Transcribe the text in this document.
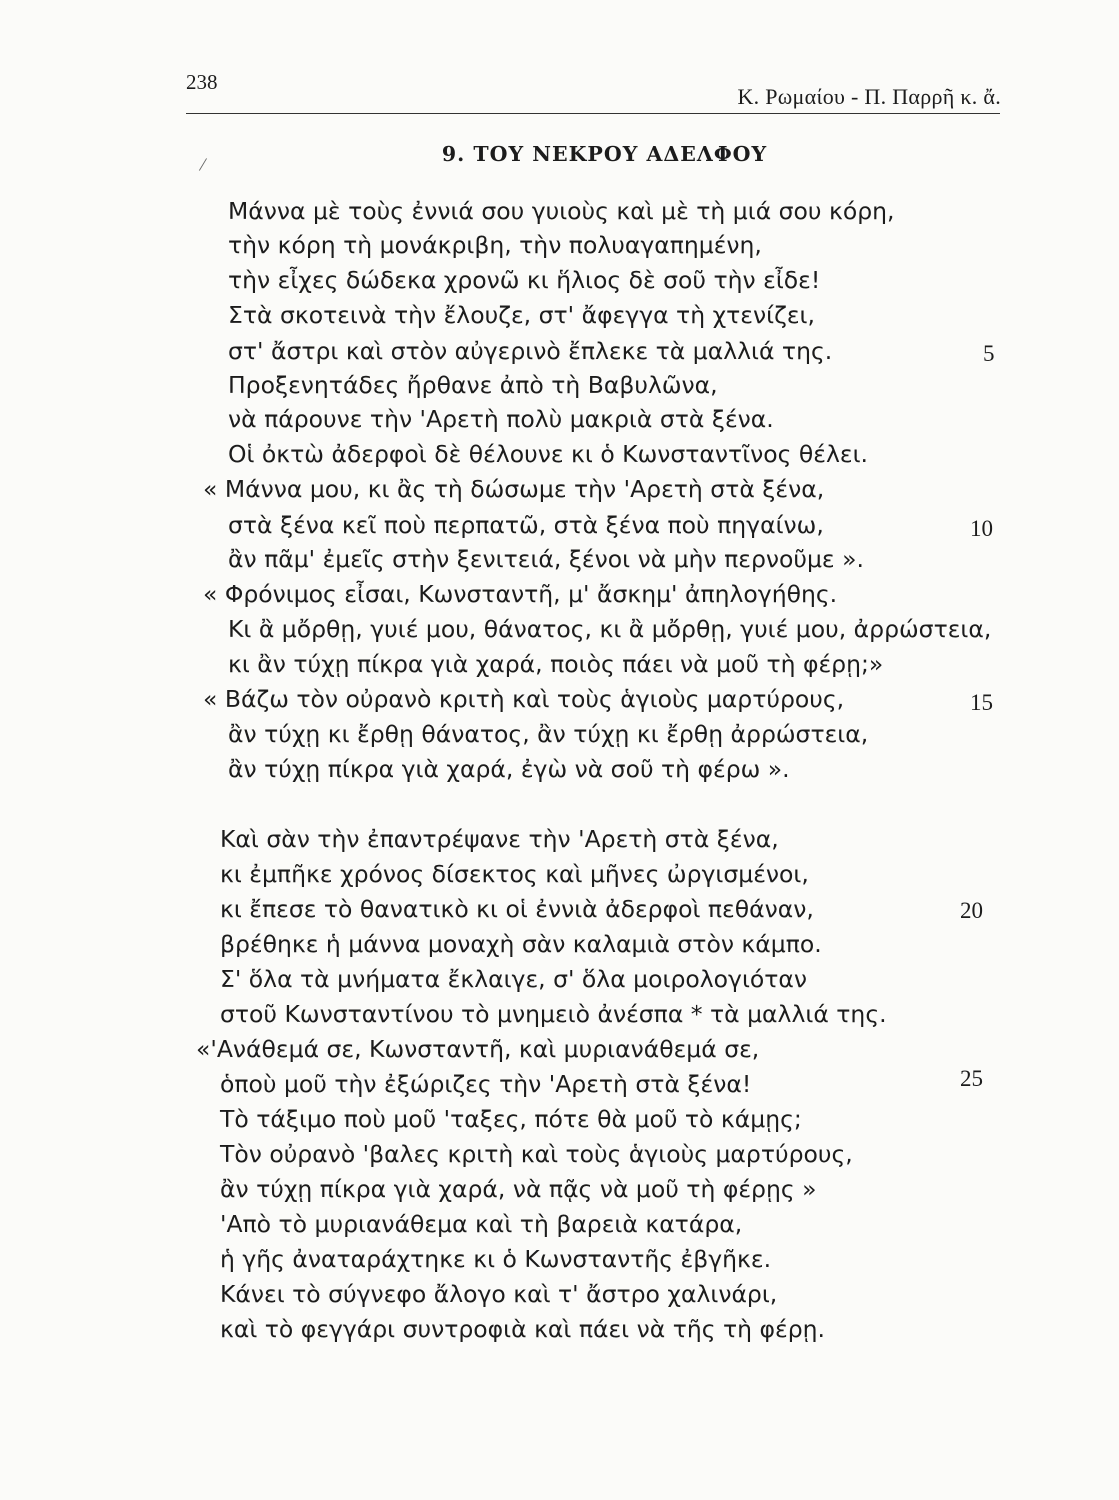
238
Κ. Ρωμαίου - Π. Παρρῆ κ. ἄ.
/	9. ΤΟΥ ΝΕΚΡΟΥ ΑΔΕΛΦΟΥ
Μάννα μὲ τοὺς ἐννιά σου γυιοὺς καὶ μὲ τὴ μιά σου κόρη,
τὴν κόρη τὴ μονάκριβη, τὴν πολυαγαπημένη,
τὴν εἶχες δώδεκα χρονῶ κι ἥλιος δὲ σοῦ τὴν εἶδε!
Στὰ σκοτεινὰ τὴν ἔλουζε, στ' ἄφεγγα τὴ χτενίζει,
στ' ἄστρι καὶ στὸν αὐγερινὸ ἔπλεκε τὰ μαλλιά της.
Προξενητάδες ἤρθανε ἀπὸ τὴ Βαβυλῶνα,
νὰ πάρουνε τὴν 'Αρετὴ πολὺ μακριὰ στὰ ξένα.
Οἱ ὀκτὼ ἀδερφοὶ δὲ θέλουνε κι ὁ Κωνσταντῖνος θέλει.
« Μάννα μου, κι ἂς τὴ δώσωμε τὴν 'Αρετὴ στὰ ξένα,
στὰ ξένα κεῖ ποὺ περπατῶ, στὰ ξένα ποὺ πηγαίνω,
ἂν πᾶμ' ἐμεῖς στὴν ξενιτειά, ξένοι νὰ μὴν περνοῦμε ».
« Φρόνιμος εἶσαι, Κωνσταντῆ, μ' ἄσκημ' ἀπηλογήθης.
Κι ἂ μὄρθῃ, γυιέ μου, θάνατος, κι ἂ μὄρθῃ, γυιέ μου, ἀρρώστεια,
κι ἂν τύχῃ πίκρα γιὰ χαρά, ποιὸς πάει νὰ μοῦ τὴ φέρῃ;»
« Βάζω τὸν οὐρανὸ κριτὴ καὶ τοὺς ἁγιοὺς μαρτύρους,
ἂν τύχῃ κι ἔρθῃ θάνατος, ἂν τύχῃ κι ἔρθῃ ἀρρώστεια,
ἂν τύχῃ πίκρα γιὰ χαρά, ἐγὼ νὰ σοῦ τὴ φέρω ».
Καὶ σὰν τὴν ἐπαντρέψανε τὴν 'Αρετὴ στὰ ξένα,
κι ἐμπῆκε χρόνος δίσεκτος καὶ μῆνες ὠργισμένοι,
κι ἔπεσε τὸ θανατικὸ κι οἱ ἐννιὰ ἀδερφοὶ πεθάναν,
βρέθηκε ἡ μάννα μοναχὴ σὰν καλαμιὰ στὸν κάμπο.
Σ' ὅλα τὰ μνήματα ἔκλαιγε, σ' ὅλα μοιρολογιόταν
στοῦ Κωνσταντίνου τὸ μνημειὸ ἀνέσπα * τὰ μαλλιά της.
«'Ανάθεμά σε, Κωνσταντῆ, καὶ μυριανάθεμά σε,
ὁποὺ μοῦ τὴν ἐξώριζες τὴν 'Αρετὴ στὰ ξένα!
Τὸ τάξιμο ποὺ μοῦ 'ταξες, πότε θὰ μοῦ τὸ κάμῃς;
Τὸν οὐρανὸ 'βαλες κριτὴ καὶ τοὺς ἁγιοὺς μαρτύρους,
ἂν τύχῃ πίκρα γιὰ χαρά, νὰ πᾷς νὰ μοῦ τὴ φέρῃς »
'Απὸ τὸ μυριανάθεμα καὶ τὴ βαρειὰ κατάρα,
ἡ γῆς ἀναταράχτηκε κι ὁ Κωνσταντῆς ἐβγῆκε.
Κάνει τὸ σύγνεφο ἄλογο καὶ τ' ἄστρο χαλινάρι,
καὶ τὸ φεγγάρι συντροφιὰ καὶ πάει νὰ τῆς τὴ φέρῃ.
5
10
15
20
25
